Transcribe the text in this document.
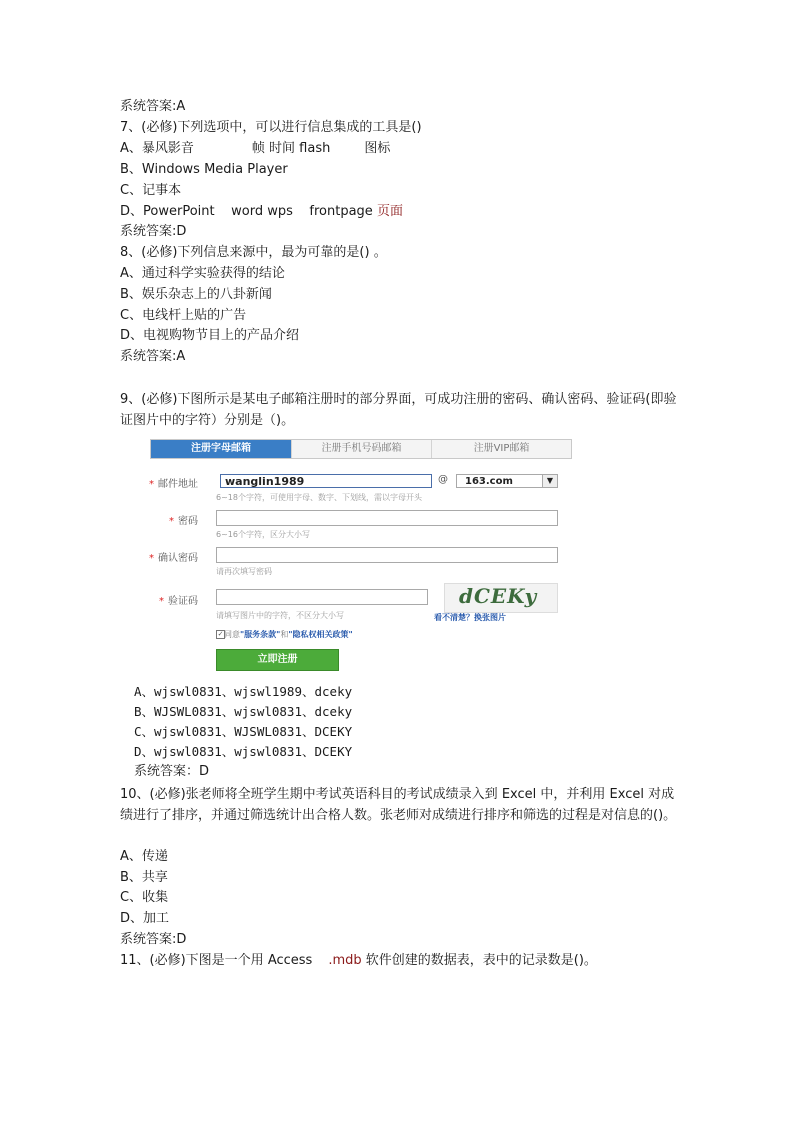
系统答案:A
7、(必修)下列选项中，可以进行信息集成的工具是()
A、暴风影音	帧 时间 flash	图标
B、Windows Media Player
C、记事本
D、PowerPoint    word wps    frontpage 页面
系统答案:D
8、(必修)下列信息来源中，最为可靠的是() 。
A、通过科学实验获得的结论
B、娱乐杂志上的八卦新闻
C、电线杆上贴的广告
D、电视购物节目上的产品介绍
系统答案:A
9、(必修)下图所示是某电子邮箱注册时的部分界面，可成功注册的密码、确认密码、验证码(即验证图片中的字符）分别是（)。
注册字母邮箱	注册手机号码邮箱	注册VIP邮箱
* 邮件地址	wanglin1989	@	163.com	▼
6~18个字符，可使用字母、数字、下划线，需以字母开头
* 密码
6~16个字符，区分大小写
* 确认密码
请再次填写密码
* 验证码
请填写图片中的字符，不区分大小写
dCEKy
看不清楚？换张图片
✓ 同意"服务条款"和"隐私权相关政策"
立即注册
A、wjswl0831、wjswl1989、dceky
B、WJSWL0831、wjswl0831、dceky
C、wjswl0831、WJSWL0831、DCEKY
D、wjswl0831、wjswl0831、DCEKY
系统答案：D
10、(必修)张老师将全班学生期中考试英语科目的考试成绩录入到 Excel 中，并利用 Excel 对成绩进行了排序，并通过筛选统计出合格人数。张老师对成绩进行排序和筛选的过程是对信息的()。
A、传递
B、共享
C、收集
D、加工
系统答案:D
11、(必修)下图是一个用 Access .mdb 软件创建的数据表，表中的记录数是()。
